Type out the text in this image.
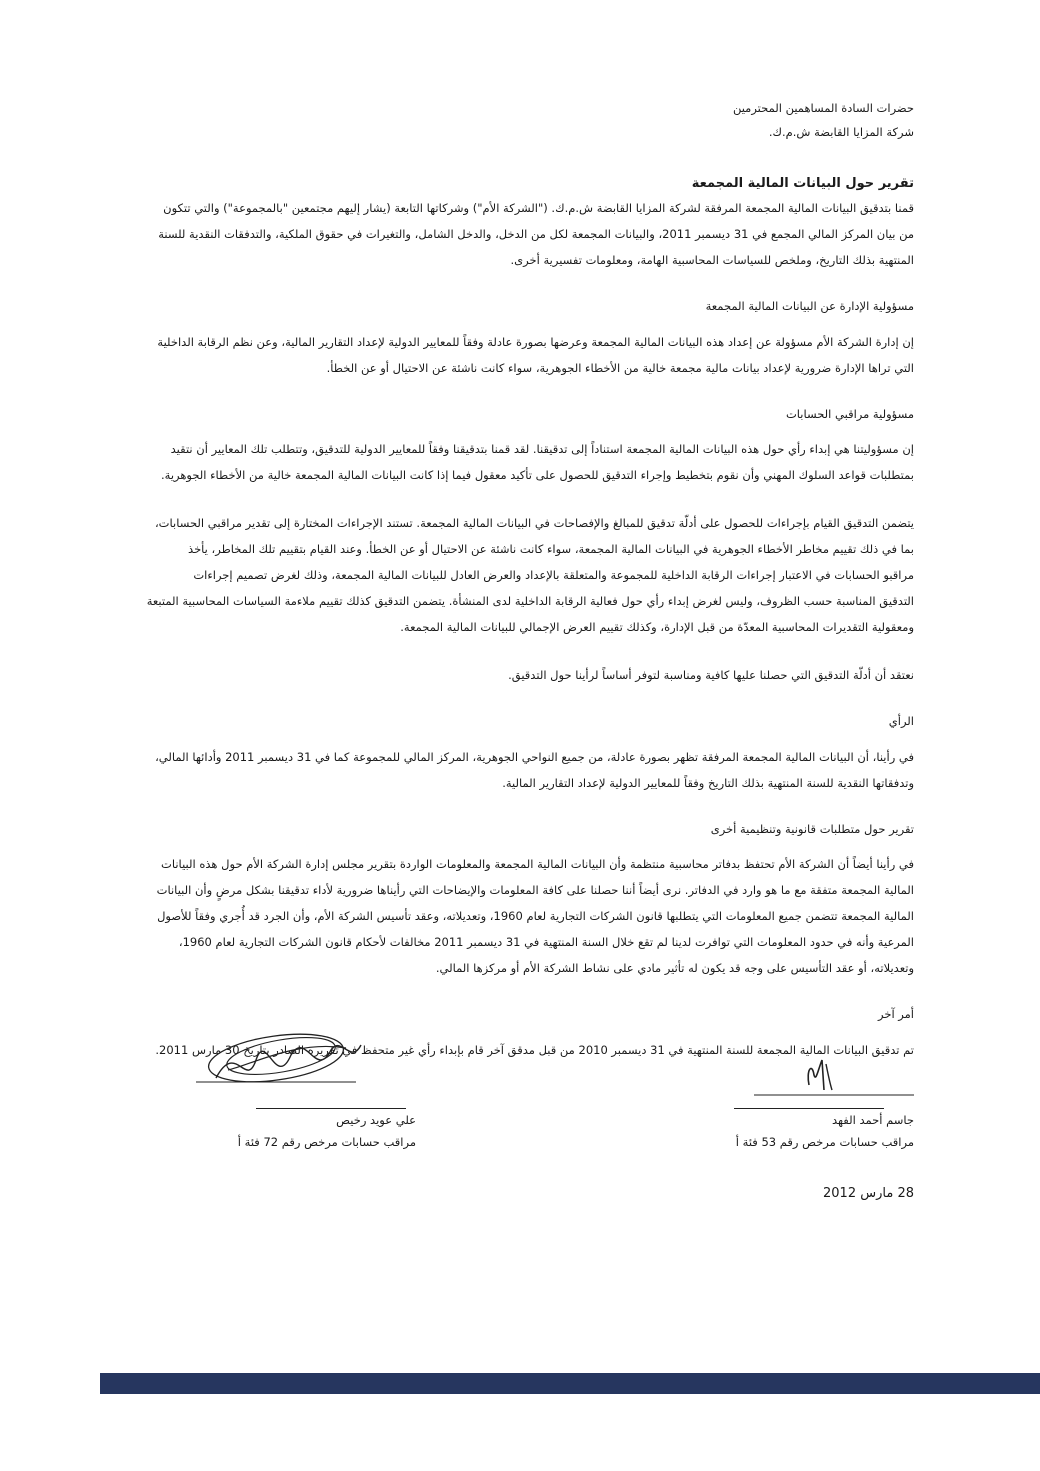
حضرات السادة المساهمين المحترمين

شركة المزايا القابضة ش.م.ك.

تقرير حول البيانات المالية المجمعة

قمنا بتدقيق البيانات المالية المجمعة المرفقة لشركة المزايا القابضة ش.م.ك. ("الشركة الأم") وشركاتها التابعة (يشار إليهم مجتمعين "بالمجموعة") والتي تتكون

من بيان المركز المالي المجمع في 31 ديسمبر 2011، والبيانات المجمعة لكل من الدخل، والدخل الشامل، والتغيرات في حقوق الملكية، والتدفقات النقدية للسنة

المنتهية بذلك التاريخ، وملخص للسياسات المحاسبية الهامة، ومعلومات تفسيرية أخرى.

مسؤولية الإدارة عن البيانات المالية المجمعة

إن إدارة الشركة الأم مسؤولة عن إعداد هذه البيانات المالية المجمعة وعرضها بصورة عادلة وفقاً للمعايير الدولية لإعداد التقارير المالية، وعن نظم الرقابة الداخلية

التي تراها الإدارة ضرورية لإعداد بيانات مالية مجمعة خالية من الأخطاء الجوهرية، سواء كانت ناشئة عن الاحتيال أو عن الخطأ.

مسؤولية مراقبي الحسابات

إن مسؤوليتنا هي إبداء رأي حول هذه البيانات المالية المجمعة استناداً إلى تدقيقنا. لقد قمنا بتدقيقنا وفقاً للمعايير الدولية للتدقيق، وتتطلب تلك المعايير أن نتقيد

بمتطلبات قواعد السلوك المهني وأن نقوم بتخطيط وإجراء التدقيق للحصول على تأكيد معقول فيما إذا كانت البيانات المالية المجمعة خالية من الأخطاء الجوهرية.

يتضمن التدقيق القيام بإجراءات للحصول على أدلّة تدقيق للمبالغ والإفصاحات في البيانات المالية المجمعة. تستند الإجراءات المختارة إلى تقدير مراقبي الحسابات،

بما في ذلك تقييم مخاطر الأخطاء الجوهرية في البيانات المالية المجمعة، سواء كانت ناشئة عن الاحتيال أو عن الخطأ. وعند القيام بتقييم تلك المخاطر، يأخذ

مراقبو الحسابات في الاعتبار إجراءات الرقابة الداخلية للمجموعة والمتعلقة بالإعداد والعرض العادل للبيانات المالية المجمعة، وذلك لغرض تصميم إجراءات

التدقيق المناسبة حسب الظروف، وليس لغرض إبداء رأي حول فعالية الرقابة الداخلية لدى المنشأة. يتضمن التدقيق كذلك تقييم ملاءمة السياسات المحاسبية المتبعة

ومعقولية التقديرات المحاسبية المعدّة من قبل الإدارة، وكذلك تقييم العرض الإجمالي للبيانات المالية المجمعة.

نعتقد أن أدلّة التدقيق التي حصلنا عليها كافية ومناسبة لتوفر أساساً لرأينا حول التدقيق.

الرأي

في رأينا، أن البيانات المالية المجمعة المرفقة تظهر بصورة عادلة، من جميع النواحي الجوهرية، المركز المالي للمجموعة كما في 31 ديسمبر 2011 وأدائها المالي،

وتدفقاتها النقدية للسنة المنتهية بذلك التاريخ وفقاً للمعايير الدولية لإعداد التقارير المالية.

تقرير حول متطلبات قانونية وتنظيمية أخرى

في رأينا أيضاً أن الشركة الأم تحتفظ بدفاتر محاسبية منتظمة وأن البيانات المالية المجمعة والمعلومات الواردة بتقرير مجلس إدارة الشركة الأم حول هذه البيانات

المالية المجمعة متفقة مع ما هو وارد في الدفاتر. نرى أيضاً أننا حصلنا على كافة المعلومات والإيضاحات التي رأيناها ضرورية لأداء تدقيقنا بشكل مرضٍ وأن البيانات

المالية المجمعة تتضمن جميع المعلومات التي يتطلبها قانون الشركات التجارية لعام 1960، وتعديلاته، وعقد تأسيس الشركة الأم، وأن الجرد قد أُجري وفقاً للأصول

المرعية وأنه في حدود المعلومات التي توافرت لدينا لم تقع خلال السنة المنتهية في 31 ديسمبر 2011 مخالفات لأحكام قانون الشركات التجارية لعام 1960،

وتعديلاته، أو عقد التأسيس على وجه قد يكون له تأثير مادي على نشاط الشركة الأم أو مركزها المالي.

أمر آخر

تم تدقيق البيانات المالية المجمعة للسنة المنتهية في 31 ديسمبر 2010 من قبل مدقق آخر قام بإبداء رأي غير متحفظ في تقريره الصادر بتاريخ 30 مارس 2011.

جاسم أحمد الفهد
مراقب حسابات مرخص رقم 53 فئة أ
علي عويد رخيص
مراقب حسابات مرخص رقم 72 فئة أ
28 مارس 2012
